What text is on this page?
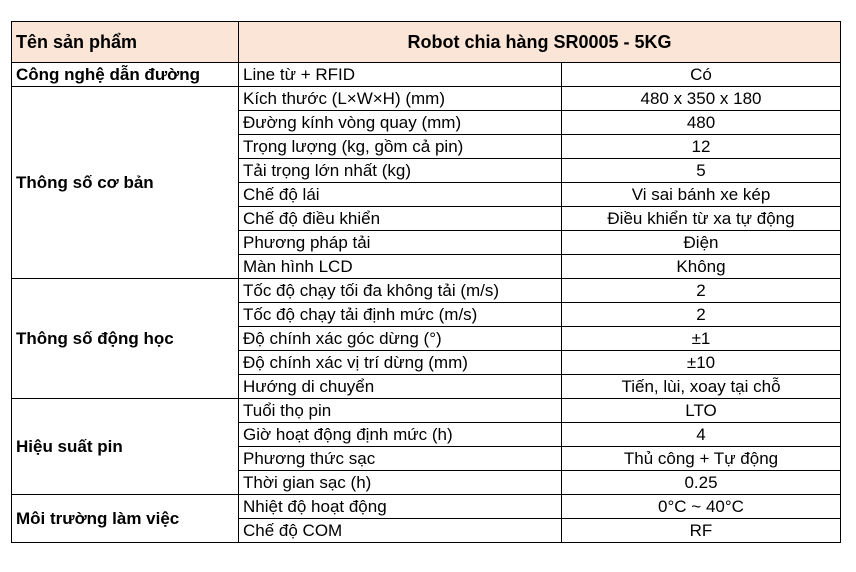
Tên sản phẩm	Robot chia hàng SR0005 - 5KG	
Công nghệ dẫn đường	Line từ + RFID	Có
Thông số cơ bản	Kích thước (L×W×H) (mm)	480 x 350 x 180
	Đường kính vòng quay (mm)	480
	Trọng lượng (kg, gồm cả pin)	12
	Tải trọng lớn nhất (kg)	5
	Chế độ lái	Vi sai bánh xe kép
	Chế độ điều khiển	Điều khiển từ xa tự động
	Phương pháp tải	Điện
	Màn hình LCD	Không
Thông số động học	Tốc độ chạy tối đa không tải (m/s)	2
	Tốc độ chạy tải định mức (m/s)	2
	Độ chính xác góc dừng (°)	±1
	Độ chính xác vị trí dừng (mm)	±10
	Hướng di chuyển	Tiến, lùi, xoay tại chỗ
Hiệu suất pin	Tuổi thọ pin	LTO
	Giờ hoạt động định mức (h)	4
	Phương thức sạc	Thủ công + Tự động
	Thời gian sạc (h)	0.25
Môi trường làm việc	Nhiệt độ hoạt động	0°C ~ 40°C
	Chế độ COM	RF
